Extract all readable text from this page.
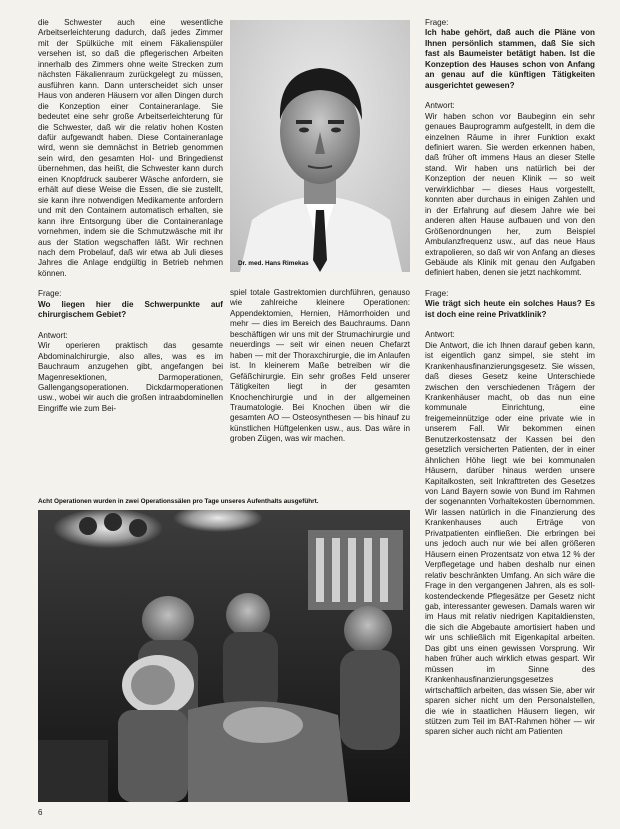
die Schwester auch eine wesentliche Arbeitserleichterung dadurch, daß jedes Zimmer mit der Spülküche mit einem Fäkalienspüler versehen ist, so daß die pflegerischen Arbeiten innerhalb des Zimmers ohne weite Strecken zum nächsten Fäkalienraum zurückgelegt zu müssen, ausführen kann. Dann unterscheidet sich unser Haus von anderen Häusern vor allen Dingen durch die Konzeption einer Containeranlage. Sie bedeutet eine sehr große Arbeitserleichterung für die Schwester, daß wir die relativ hohen Kosten dafür aufgewandt haben. Diese Containeranlage wird, wenn sie demnächst in Betrieb genommen sein wird, den gesamten Hol- und Bringedienst übernehmen, das heißt, die Schwester kann durch einen Knopfdruck sauberer Wäsche anfordern, sie erhält auf diese Weise die Essen, die sie zustellt, sie kann ihre notwendigen Medikamente anfordern und mit den Containern automatisch erhalten, sie kann ihre Entsorgung über die Containeranlage vornehmen, indem sie die Schmutzwäsche mit ihr aus der Station wegschaffen läßt. Wir rechnen nach dem Probelauf, daß wir etwa ab Juli dieses Jahres die Anlage endgültig in Betrieb nehmen können.

Frage:

Wo liegen hier die Schwerpunkte auf chirurgischem Gebiet?

Antwort:

Wir operieren praktisch das gesamte Abdominalchirurgie, also alles, was es im Bauchraum anzugehen gibt, angefangen bei Magenresektionen, Darmoperationen, Gallengangsoperationen. Dickdarmoperationen usw., wobei wir auch die großen intraabdominellen Eingriffe wie zum Bei-

Dr. med. Hans Rimekas

spiel totale Gastrektomien durchführen, genauso wie zahlreiche kleinere Operationen: Appendektomien, Hernien, Hämorrhoiden und mehr — dies im Bereich des Bauchraums. Dann beschäftigen wir uns mit der Strumachirurgie und neuerdings — seit wir einen neuen Chefarzt haben — mit der Thoraxchirurgie, die im Anlaufen ist. In kleinerem Maße betreiben wir die Gefäßchirurgie. Ein sehr großes Feld unserer Tätigkeiten liegt in der gesamten Knochenchirurgie und in der allgemeinen Traumatologie. Bei Knochen üben wir die gesamten AO — Osteosynthesen — bis hinauf zu künstlichen Hüftgelenken usw., aus. Das wäre in groben Zügen, was wir machen.

Frage:

Ich habe gehört, daß auch die Pläne von Ihnen persönlich stammen, daß Sie sich fast als Baumeister betätigt haben. Ist die Konzeption des Hauses schon von Anfang an genau auf die künftigen Tätigkeiten ausgerichtet gewesen?

Antwort:

Wir haben schon vor Baubeginn ein sehr genaues Bauprogramm aufgestellt, in dem die einzelnen Räume in ihrer Funktion exakt definiert waren. Sie werden erkennen haben, daß früher oft immens Haus an dieser Stelle stand. Wir haben uns natürlich bei der Konzeption der neuen Klinik — so weit verwirklichbar — dieses Haus vorgestellt, konnten aber durchaus in einigen Zahlen und in der Erfahrung auf diesem Jahre wie bei anderen alten Hause aufbauen und von den Größenordnungen her, zum Beispiel Ambulanzfrequenz usw., auf das neue Haus extrapolieren, so daß wir von Anfang an dieses Gebäude als Klinik mit genau den Aufgaben definiert haben, denen sie jetzt nachkommt.

Frage:

Wie trägt sich heute ein solches Haus? Es ist doch eine reine Privatklinik?

Antwort:

Die Antwort, die ich Ihnen darauf geben kann, ist eigentlich ganz simpel, sie steht im Krankenhausfinanzierungsgesetz. Sie wissen, daß dieses Gesetz keine Unterschiede zwischen den verschiedenen Trägern der Krankenhäuser macht, ob das nun eine kommunale Einrichtung, eine freigemeinnützige oder eine private wie in unserem Fall. Wir bekommen einen Benutzerkostensatz der Kassen bei den gesetzlich versicherten Patienten, der in einer ähnlichen Höhe liegt wie bei kommunalen Häusern, darüber hinaus werden unsere Kapitalkosten, seit Inkrafttreten des Gesetzes von Land Bayern sowie von Bund im Rahmen der sogenannten Vorhaltekosten übernommen. Wir lassen natürlich in die Finanzierung des Krankenhauses auch Erträge von Privatpatienten einfließen. Die erbringen bei uns jedoch auch nur wie bei allen größeren Häusern einen Prozentsatz von etwa 12 % der Verpflegetage und haben deshalb nur einen relativ beschränkten Umfang. An sich wäre die Frage in den vergangenen Jahren, als es soll-kostendeckende Pflegesätze per Gesetz nicht gab, interessanter gewesen. Damals waren wir im Haus mit relativ niedrigen Kapitaldiensten, die sich die Abgebaute amortisiert haben und wir uns schließlich mit Eigenkapital arbeiten. Das gibt uns einen gewissen Vorsprung. Wir haben früher auch wirklich etwas gespart. Wir müssen im Sinne des Krankenhausfinanzierungsgesetzes wirtschaftlich arbeiten, das wissen Sie, aber wir sparen sicher nicht um den Personalstellen, die wie in staatlichen Häusern liegen, wir stützen zum Teil im BAT-Rahmen höher — wir sparen sicher auch nicht am Patienten

Acht Operationen wurden in zwei Operationssälen pro Tage unseres Aufenthalts ausgeführt.
6
